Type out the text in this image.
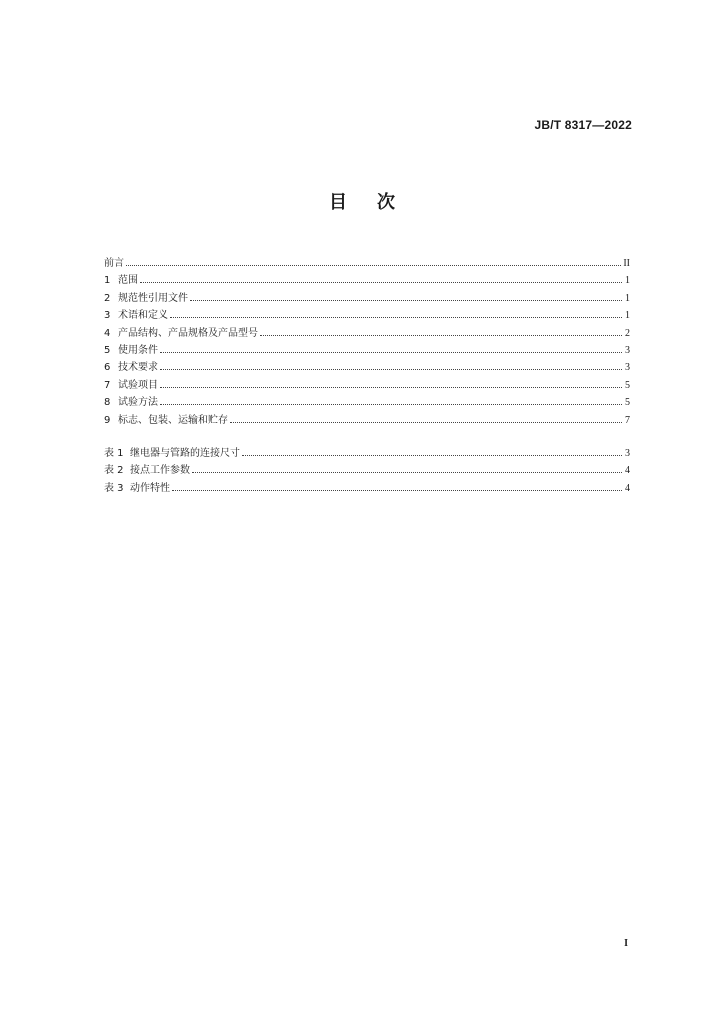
JB/T 8317—2022
目次
前言	II
1 范围	1
2 规范性引用文件	1
3 术语和定义	1
4 产品结构、产品规格及产品型号	2
5 使用条件	3
6 技术要求	3
7 试验项目	5
8 试验方法	5
9 标志、包装、运输和贮存	7
表 1 继电器与管路的连接尺寸	3
表 2 接点工作参数	4
表 3 动作特性	4
I
